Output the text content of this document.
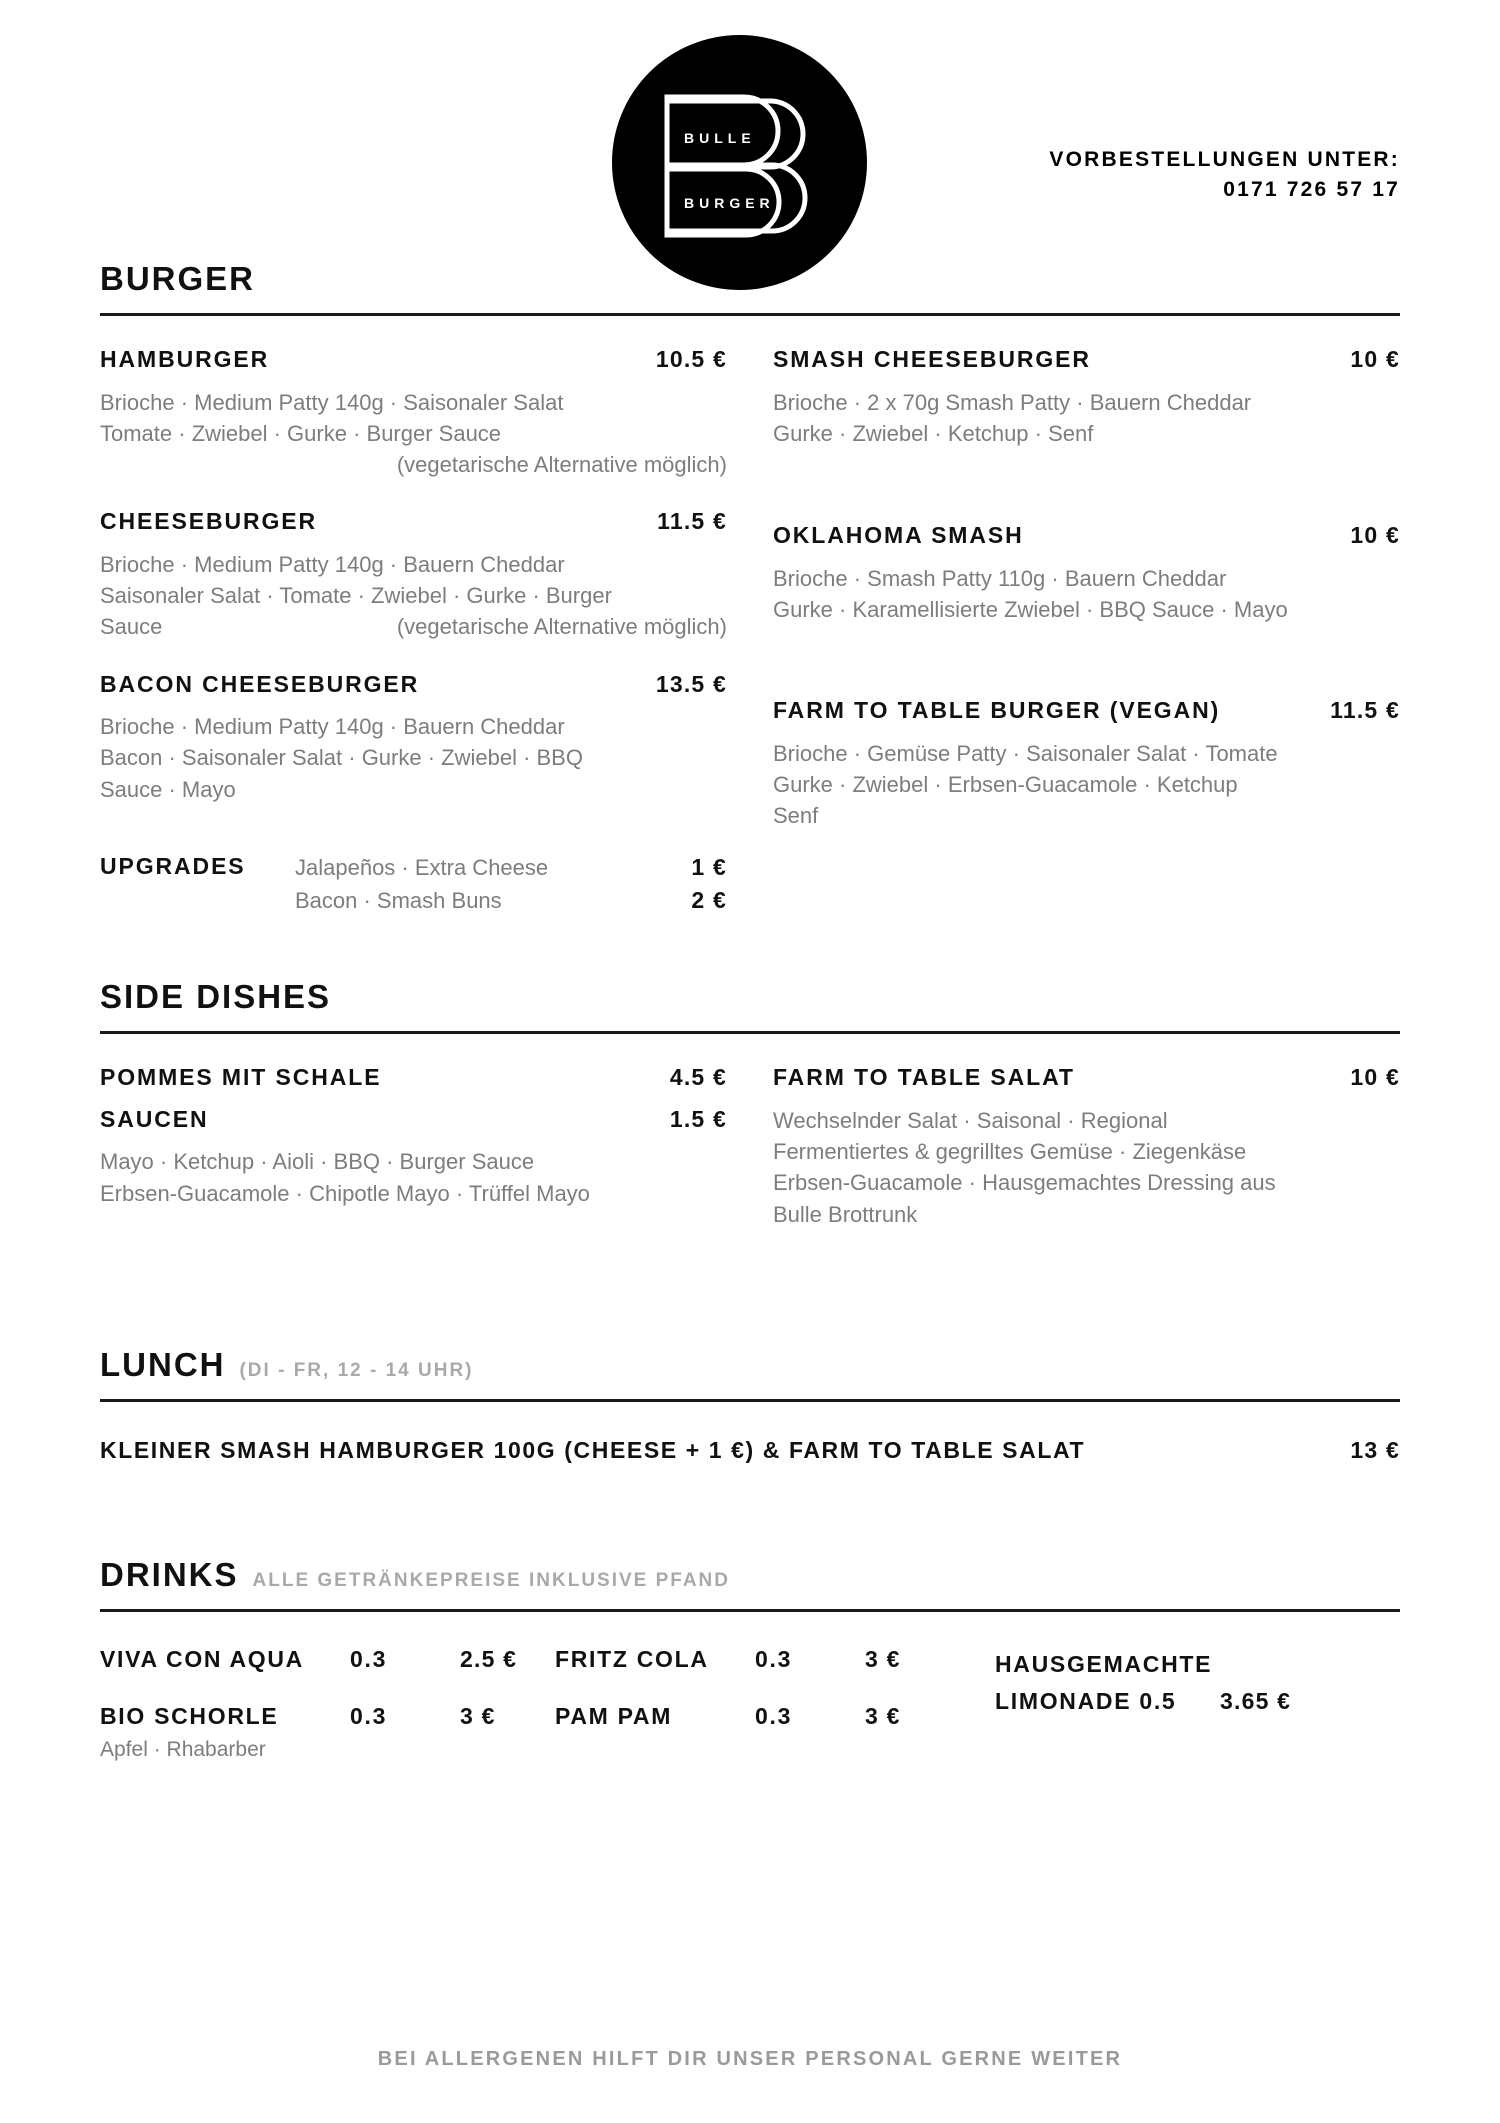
BULLE
BURGER
VORBESTELLUNGEN UNTER:
0171 726 57 17
BURGER
HAMBURGER	10.5 €
Brioche · Medium Patty 140g · Saisonaler Salat
Tomate · Zwiebel · Gurke · Burger Sauce
(vegetarische Alternative möglich)
CHEESEBURGER	11.5 €
Brioche · Medium Patty 140g · Bauern Cheddar
Saisonaler Salat · Tomate · Zwiebel · Gurke · Burger
Sauce	(vegetarische Alternative möglich)
BACON CHEESEBURGER	13.5 €
Brioche · Medium Patty 140g · Bauern Cheddar
Bacon · Saisonaler Salat · Gurke · Zwiebel · BBQ
Sauce · Mayo
UPGRADES	Jalapeños · Extra Cheese	1 €
Bacon · Smash Buns	2 €
SMASH CHEESEBURGER	10 €
Brioche · 2 x 70g Smash Patty · Bauern Cheddar
Gurke · Zwiebel · Ketchup · Senf
OKLAHOMA SMASH	10 €
Brioche · Smash Patty 110g · Bauern Cheddar
Gurke · Karamellisierte Zwiebel · BBQ Sauce · Mayo
FARM TO TABLE BURGER (VEGAN)	11.5 €
Brioche · Gemüse Patty · Saisonaler Salat · Tomate
Gurke · Zwiebel · Erbsen-Guacamole · Ketchup
Senf
SIDE DISHES
POMMES MIT SCHALE	4.5 €
SAUCEN	1.5 €
Mayo · Ketchup · Aioli · BBQ · Burger Sauce
Erbsen-Guacamole · Chipotle Mayo · Trüffel Mayo
FARM TO TABLE SALAT	10 €
Wechselnder Salat · Saisonal · Regional
Fermentiertes & gegrilltes Gemüse · Ziegenkäse
Erbsen-Guacamole · Hausgemachtes Dressing aus
Bulle Brottrunk
LUNCH (DI - FR, 12 - 14 UHR)
KLEINER SMASH HAMBURGER 100G (CHEESE + 1 €) & FARM TO TABLE SALAT	13 €
DRINKS ALLE GETRÄNKEPREISE INKLUSIVE PFAND
VIVA CON AQUA	0.3	2.5 €
BIO SCHORLE	0.3	3 €
Apfel · Rhabarber
FRITZ COLA	0.3	3 €
PAM PAM	0.3	3 €
HAUSGEMACHTE
LIMONADE 0.5	3.65 €
BEI ALLERGENEN HILFT DIR UNSER PERSONAL GERNE WEITER
